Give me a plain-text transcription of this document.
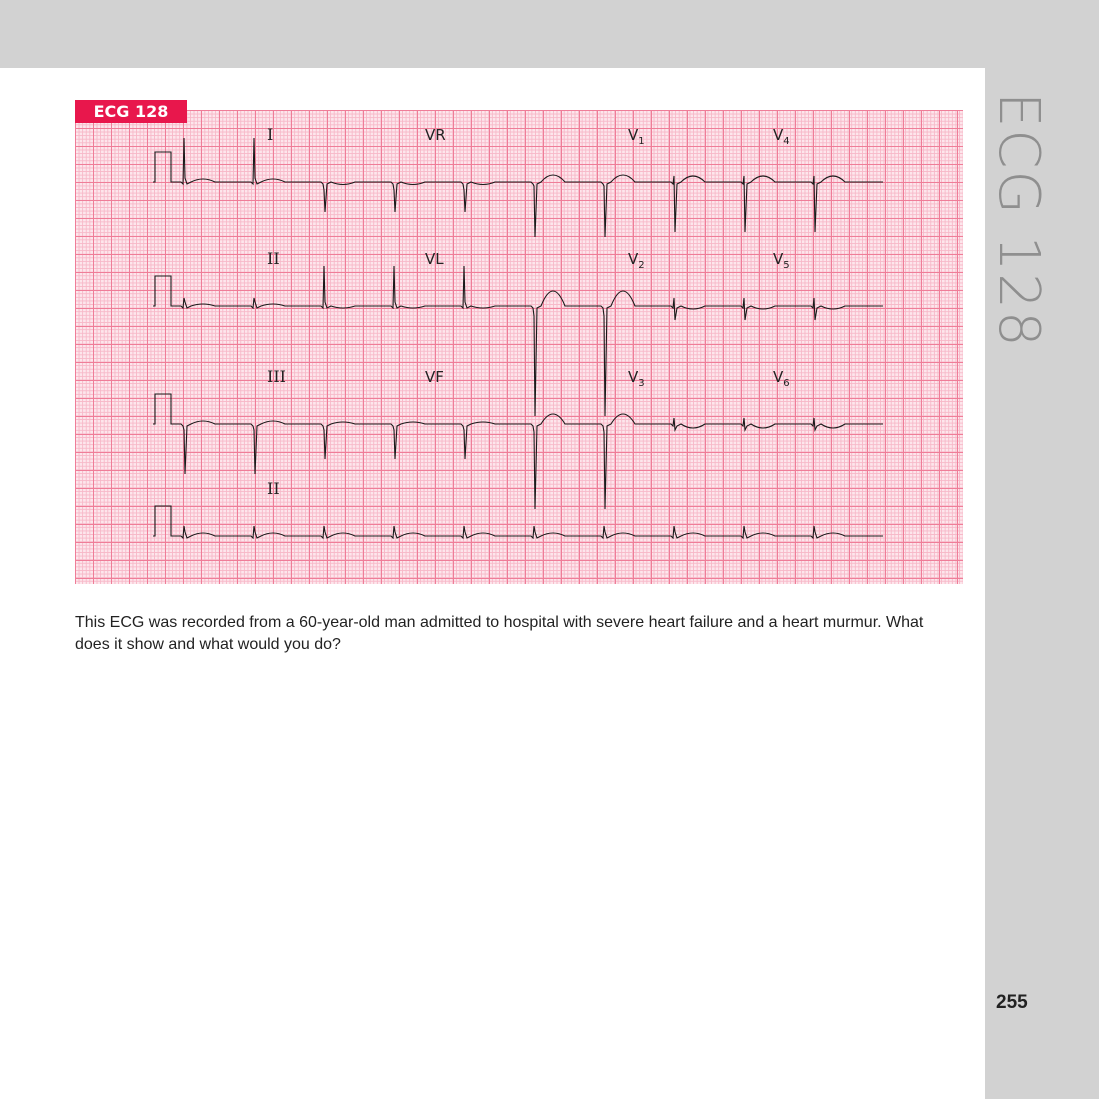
ECG 128
I	VR	$V_1$	$V_4$
II	VL	$V_2$	$V_5$
III	VF	$V_3$	$V_6$
II
ECG 128
This ECG was recorded from a 60-year-old man admitted to hospital with severe heart failure and a heart murmur. What does it show and what would you do?
255
